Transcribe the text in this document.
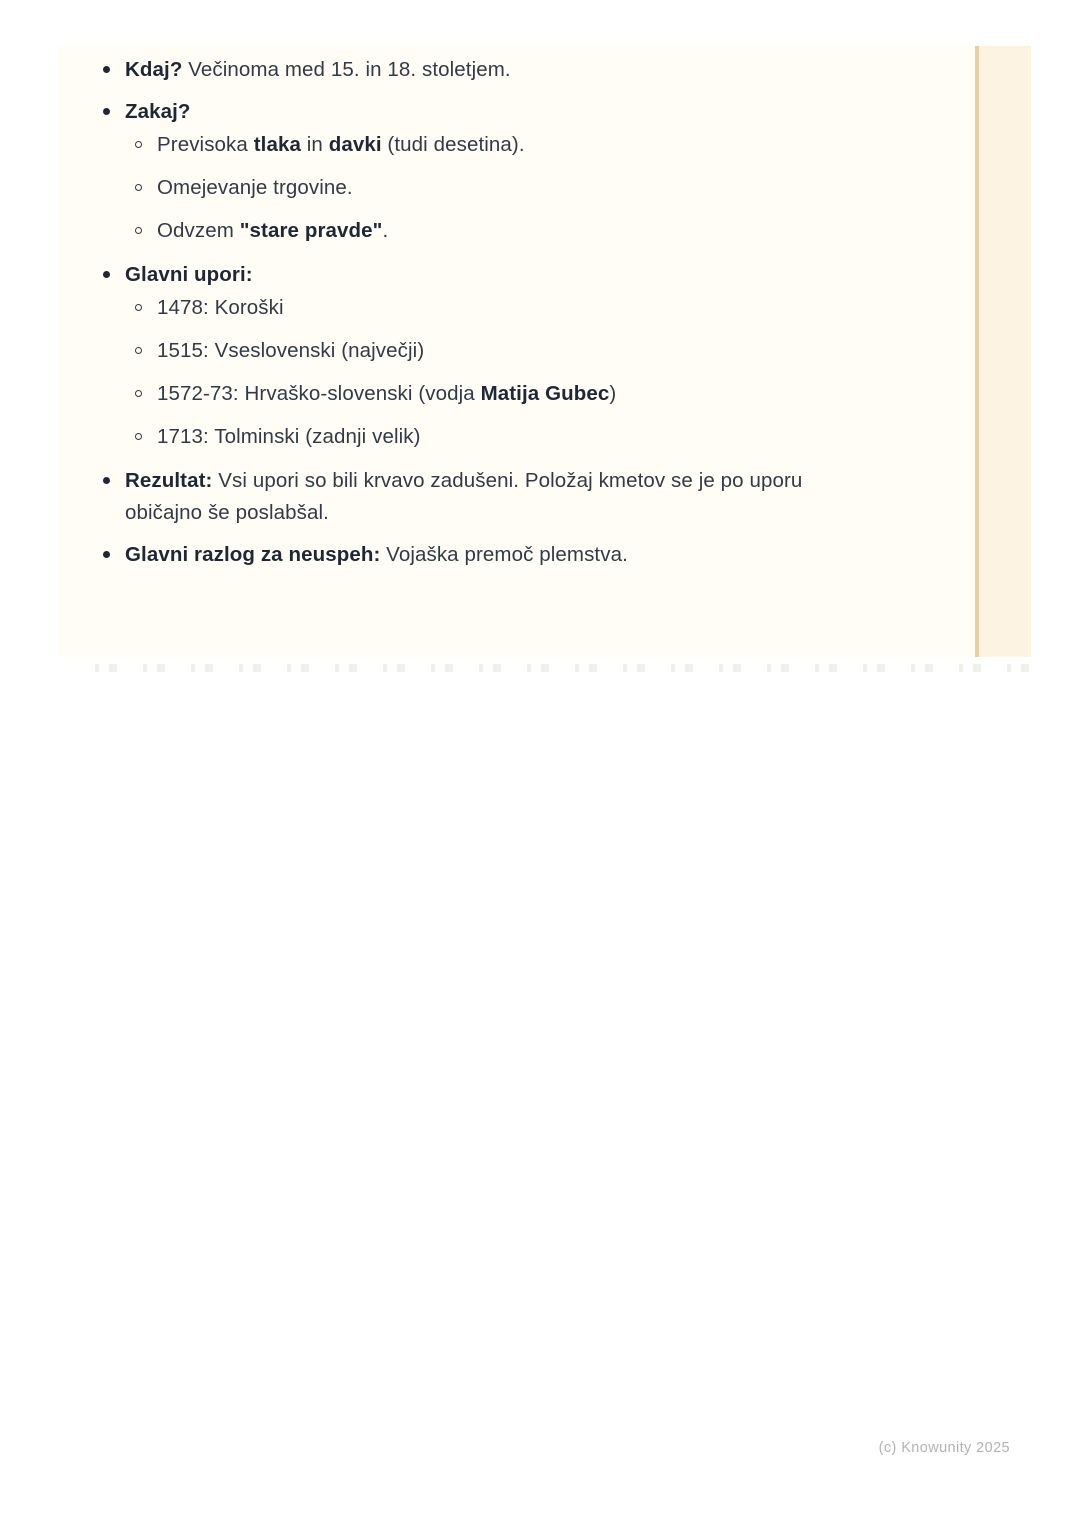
Kdaj? Večinoma med 15. in 18. stoletjem.
Zakaj?
Previsoka tlaka in davki (tudi desetina).
Omejevanje trgovine.
Odvzem "stare pravde".
Glavni upori:
1478: Koroški
1515: Vseslovenski (največji)
1572-73: Hrvaško-slovenski (vodja Matija Gubec)
1713: Tolminski (zadnji velik)
Rezultat: Vsi upori so bili krvavo zadušeni. Položaj kmetov se je po uporu običajno še poslabšal.
Glavni razlog za neuspeh: Vojaška premoč plemstva.
(c) Knowunity 2025
